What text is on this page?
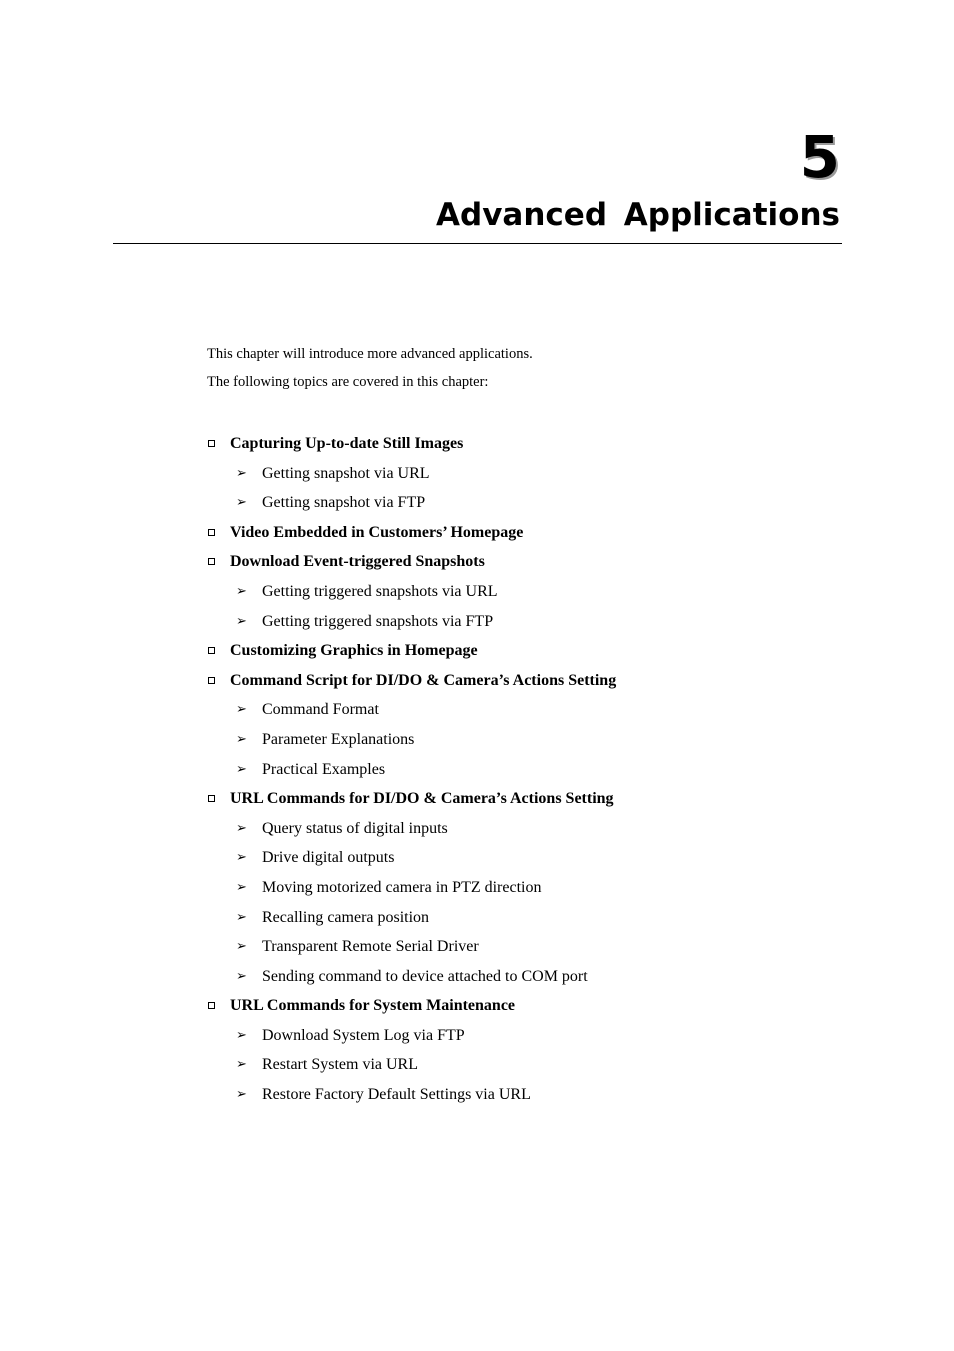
5
Advanced Applications
This chapter will introduce more advanced applications.
The following topics are covered in this chapter:
Capturing Up-to-date Still Images
➢ Getting snapshot via URL
➢ Getting snapshot via FTP
Video Embedded in Customers’ Homepage
Download Event-triggered Snapshots
➢ Getting triggered snapshots via URL
➢ Getting triggered snapshots via FTP
Customizing Graphics in Homepage
Command Script for DI/DO & Camera’s Actions Setting
➢ Command Format
➢ Parameter Explanations
➢ Practical Examples
URL Commands for DI/DO & Camera’s Actions Setting
➢ Query status of digital inputs
➢ Drive digital outputs
➢ Moving motorized camera in PTZ direction
➢ Recalling camera position
➢ Transparent Remote Serial Driver
➢ Sending command to device attached to COM port
URL Commands for System Maintenance
➢ Download System Log via FTP
➢ Restart System via URL
➢ Restore Factory Default Settings via URL
